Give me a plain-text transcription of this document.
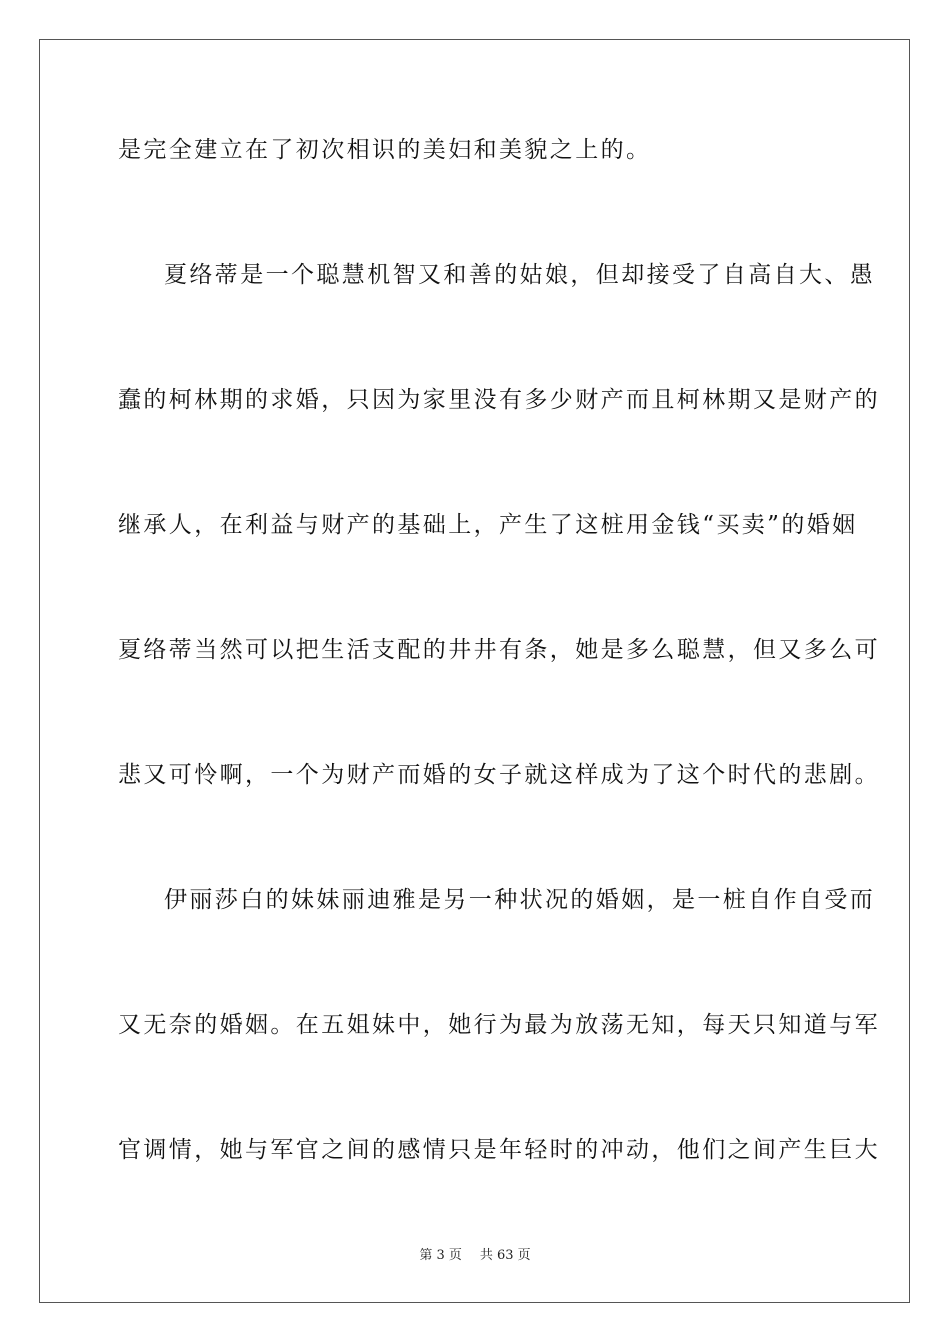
是完全建立在了初次相识的美妇和美貌之上的。
夏络蒂是一个聪慧机智又和善的姑娘，但却接受了自高自大、愚
蠢的柯林期的求婚，只因为家里没有多少财产而且柯林期又是财产的
继承人，在利益与财产的基础上，产生了这桩用金钱“买卖”的婚姻
夏络蒂当然可以把生活支配的井井有条，她是多么聪慧，但又多么可
悲又可怜啊，一个为财产而婚的女子就这样成为了这个时代的悲剧。
伊丽莎白的妹妹丽迪雅是另一种状况的婚姻，是一桩自作自受而
又无奈的婚姻。在五姐妹中，她行为最为放荡无知，每天只知道与军
官调情，她与军官之间的感情只是年轻时的冲动，他们之间产生巨大
第 3 页 共 63 页
